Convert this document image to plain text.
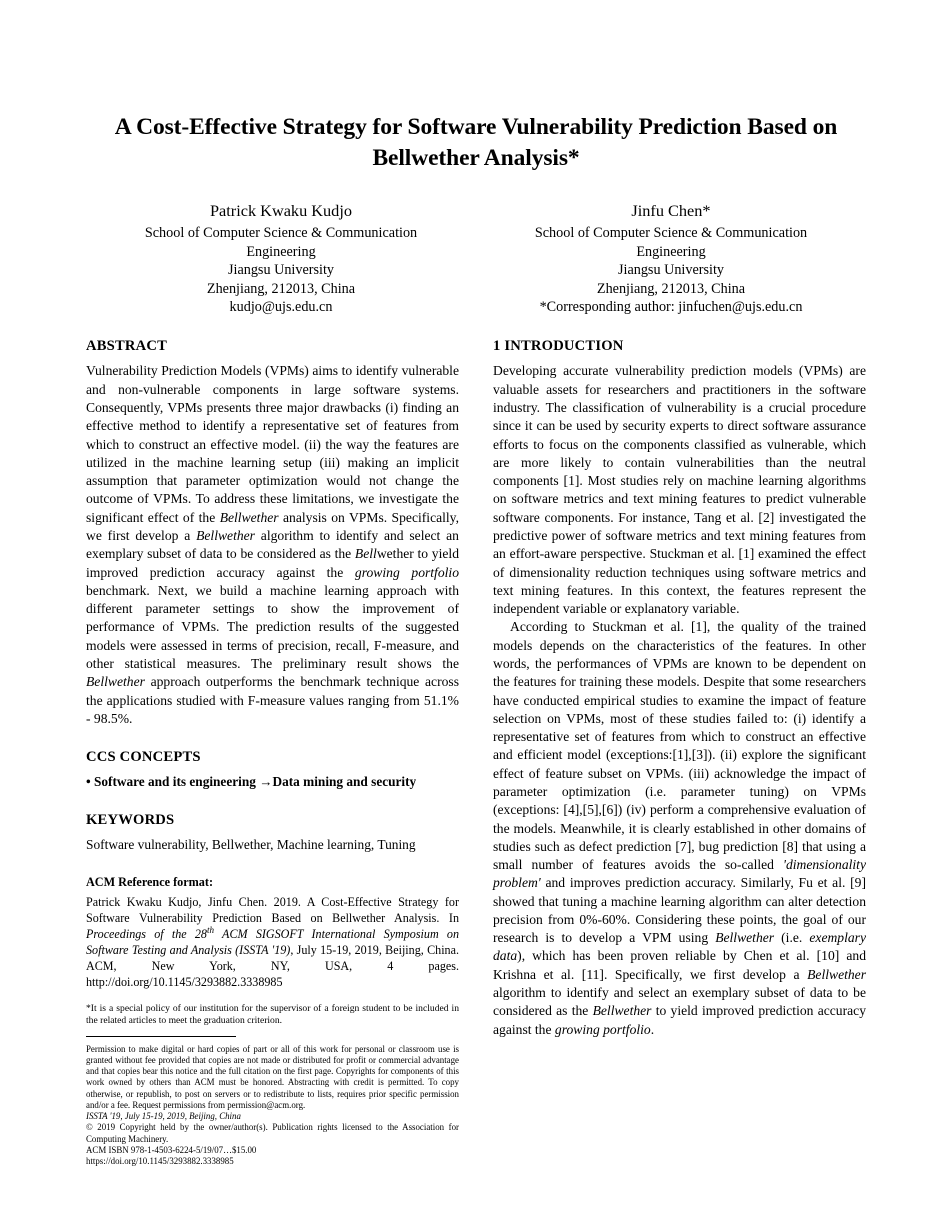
A Cost-Effective Strategy for Software Vulnerability Prediction Based on Bellwether Analysis*
Patrick Kwaku Kudjo
School of Computer Science & Communication
Engineering
Jiangsu University
Zhenjiang, 212013, China
kudjo@ujs.edu.cn
Jinfu Chen*
School of Computer Science & Communication
Engineering
Jiangsu University
Zhenjiang, 212013, China
*Corresponding author: jinfuchen@ujs.edu.cn
ABSTRACT

Vulnerability Prediction Models (VPMs) aims to identify vulnerable and non-vulnerable components in large software systems. Consequently, VPMs presents three major drawbacks (i) finding an effective method to identify a representative set of features from which to construct an effective model. (ii) the way the features are utilized in the machine learning setup (iii) making an implicit assumption that parameter optimization would not change the outcome of VPMs. To address these limitations, we investigate the significant effect of the Bellwether analysis on VPMs. Specifically, we first develop a Bellwether algorithm to identify and select an exemplary subset of data to be considered as the Bellwether to yield improved prediction accuracy against the growing portfolio benchmark. Next, we build a machine learning approach with different parameter settings to show the improvement of performance of VPMs. The prediction results of the suggested models were assessed in terms of precision, recall, F-measure, and other statistical measures. The preliminary result shows the Bellwether approach outperforms the benchmark technique across the applications studied with F-measure values ranging from 51.1% - 98.5%.

CCS CONCEPTS
• Software and its engineering →Data mining and security
KEYWORDS
Software vulnerability, Bellwether, Machine learning, Tuning
ACM Reference format:
Patrick Kwaku Kudjo, Jinfu Chen. 2019. A Cost-Effective Strategy for Software Vulnerability Prediction Based on Bellwether Analysis. In Proceedings of the 28th ACM SIGSOFT International Symposium on Software Testing and Analysis (ISSTA '19), July 15-19, 2019, Beijing, China. ACM, New York, NY, USA, 4 pages. http://doi.org/10.1145/3293882.3338985
*It is a special policy of our institution for the supervisor of a foreign student to be included in the related articles to meet the graduation criterion.
Permission to make digital or hard copies of part or all of this work for personal or classroom use is granted without fee provided that copies are not made or distributed for profit or commercial advantage and that copies bear this notice and the full citation on the first page. Copyrights for components of this work owned by others than ACM must be honored. Abstracting with credit is permitted. To copy otherwise, or republish, to post on servers or to redistribute to lists, requires prior specific permission and/or a fee. Request permissions from permission@acm.org.
ISSTA '19, July 15-19, 2019, Beijing, China
© 2019 Copyright held by the owner/author(s). Publication rights licensed to the Association for Computing Machinery.
ACM ISBN 978-1-4503-6224-5/19/07…$15.00
https://doi.org/10.1145/3293882.3338985
1 INTRODUCTION

Developing accurate vulnerability prediction models (VPMs) are valuable assets for researchers and practitioners in the software industry. The classification of vulnerability is a crucial procedure since it can be used by security experts to direct software assurance efforts to focus on the components classified as vulnerable, which are more likely to contain vulnerabilities than the neutral components [1]. Most studies rely on machine learning algorithms on software metrics and text mining features to predict vulnerable software components. For instance, Tang et al. [2] investigated the predictive power of software metrics and text mining features from an effort-aware perspective. Stuckman et al. [1] examined the effect of dimensionality reduction techniques using software metrics and text mining features. In this context, the features represent the independent variable or explanatory variable.

According to Stuckman et al. [1], the quality of the trained models depends on the characteristics of the features. In other words, the performances of VPMs are known to be dependent on the features for training these models. Despite that some researchers have conducted empirical studies to examine the impact of feature selection on VPMs, most of these studies failed to: (i) identify a representative set of features from which to construct an effective and efficient model (exceptions:[1],[3]). (ii) explore the significant effect of feature subset on VPMs. (iii) acknowledge the impact of parameter optimization (i.e. parameter tuning) on VPMs (exceptions: [4],[5],[6]) (iv) perform a comprehensive evaluation of the models. Meanwhile, it is clearly established in other domains of studies such as defect prediction [7], bug prediction [8] that using a small number of features avoids the so-called 'dimensionality problem' and improves prediction accuracy. Similarly, Fu et al. [9] showed that tuning a machine learning algorithm can alter detection precision from 0%-60%. Considering these points, the goal of our research is to develop a VPM using Bellwether (i.e. exemplary data), which has been proven reliable by Chen et al. [10] and Krishna et al. [11]. Specifically, we first develop a Bellwether algorithm to identify and select an exemplary subset of data to be considered as the Bellwether to yield improved prediction accuracy against the growing portfolio.
